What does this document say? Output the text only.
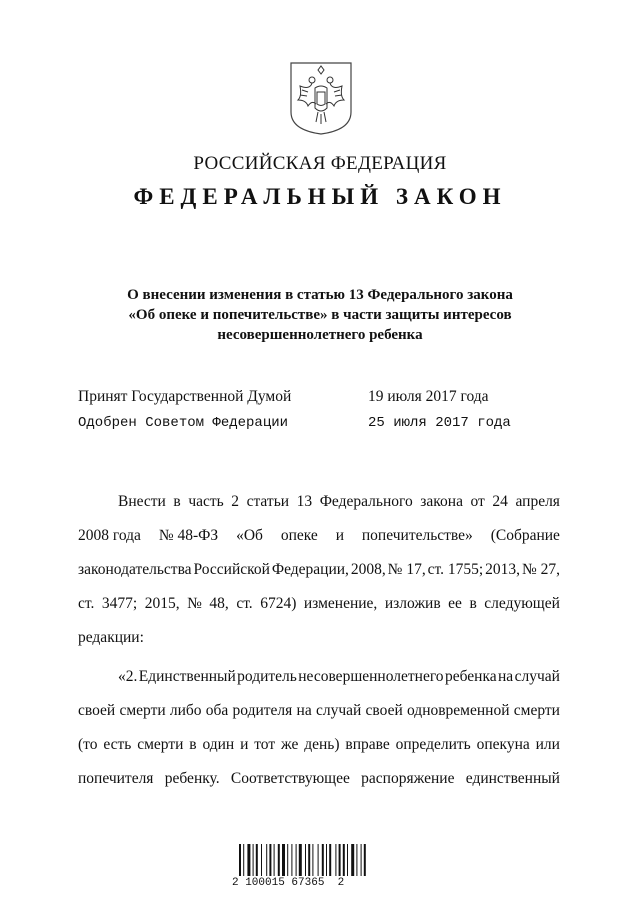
РОССИЙСКАЯ ФЕДЕРАЦИЯ
ФЕДЕРАЛЬНЫЙ ЗАКОН
О внесении изменения в статью 13 Федерального закона
«Об опеке и попечительстве» в части защиты интересов
несовершеннолетнего ребенка
Принят Государственной Думой	19 июля 2017 года
Одобрен Советом Федерации	25 июля 2017 года
Внести в часть 2 статьи 13 Федерального закона от 24 апреля
2008 года № 48-ФЗ «Об опеке и попечительстве» (Собрание
законодательства Российской Федерации, 2008, № 17, ст. 1755; 2013, № 27,
ст. 3477; 2015, № 48, ст. 6724) изменение, изложив ее в следующей
редакции:
«2. Единственный родитель несовершеннолетнего ребенка на случай
своей смерти либо оба родителя на случай своей одновременной смерти
(то есть смерти в один и тот же день) вправе определить опекуна или
попечителя ребенку. Соответствующее распоряжение единственный
2 100015 67365  2
